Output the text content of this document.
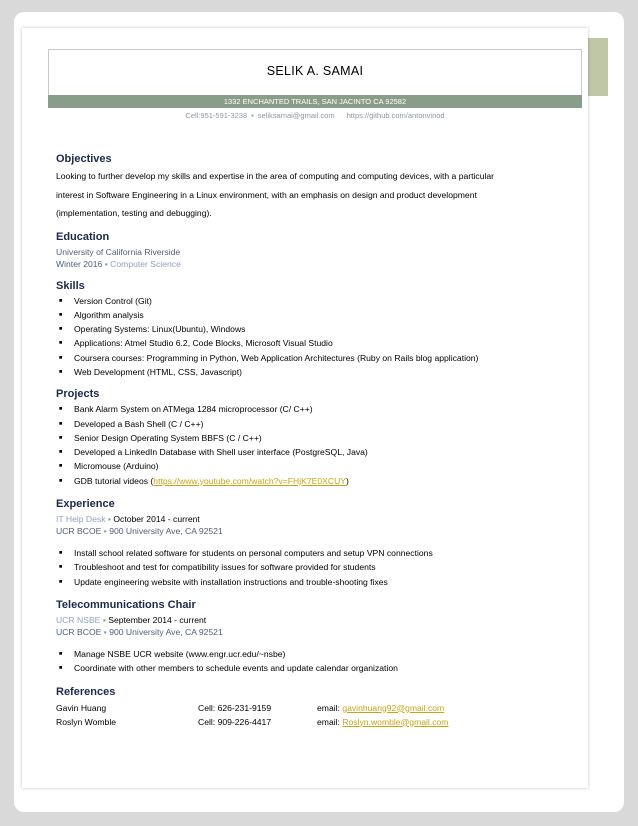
SELIK A. SAMAI
1332 ENCHANTED TRAILS, SAN JACINTO CA 92582
Cell:951-591-3238 ▪ seliksamai@gmail.com https://github.com/antonvinod
Objectives
Looking to further develop my skills and expertise in the area of computing and computing devices, with a particular
interest in Software Engineering in a Linux environment, with an emphasis on design and product development
(implementation, testing and debugging).
Education
University of California Riverside
Winter 2016 ▪ Computer Science
Skills
■ Version Control (Git)
■ Algorithm analysis
■ Operating Systems: Linux(Ubuntu), Windows
■ Applications: Atmel Studio 6.2, Code Blocks, Microsoft Visual Studio
■ Coursera courses: Programming in Python, Web Application Architectures (Ruby on Rails blog application)
■ Web Development (HTML, CSS, Javascript)
Projects
■ Bank Alarm System on ATMega 1284 microprocessor (C/ C++)
■ Developed a Bash Shell (C / C++)
■ Senior Design Operating System BBFS (C / C++)
■ Developed a LinkedIn Database with Shell user interface (PostgreSQL, Java)
■ Micromouse (Arduino)
■ GDB tutorial videos (https://www.youtube.com/watch?v=FHjK7E0XCUY)
Experience
IT Help Desk ▪ October 2014 - current
UCR BCOE ▪ 900 University Ave, CA 92521
■ Install school related software for students on personal computers and setup VPN connections
■ Troubleshoot and test for compatibility issues for software provided for students
■ Update engineering website with installation instructions and trouble-shooting fixes
Telecommunications Chair
UCR NSBE ▪ September 2014 - current
UCR BCOE ▪ 900 University Ave, CA 92521
■ Manage NSBE UCR website (www.engr.ucr.edu/~nsbe)
■ Coordinate with other members to schedule events and update calendar organization
References
Gavin Huang	Cell: 626-231-9159	email: gavinhuang92@gmail.com
Roslyn Womble	Cell: 909-226-4417	email: Roslyn.womble@gmail.com
